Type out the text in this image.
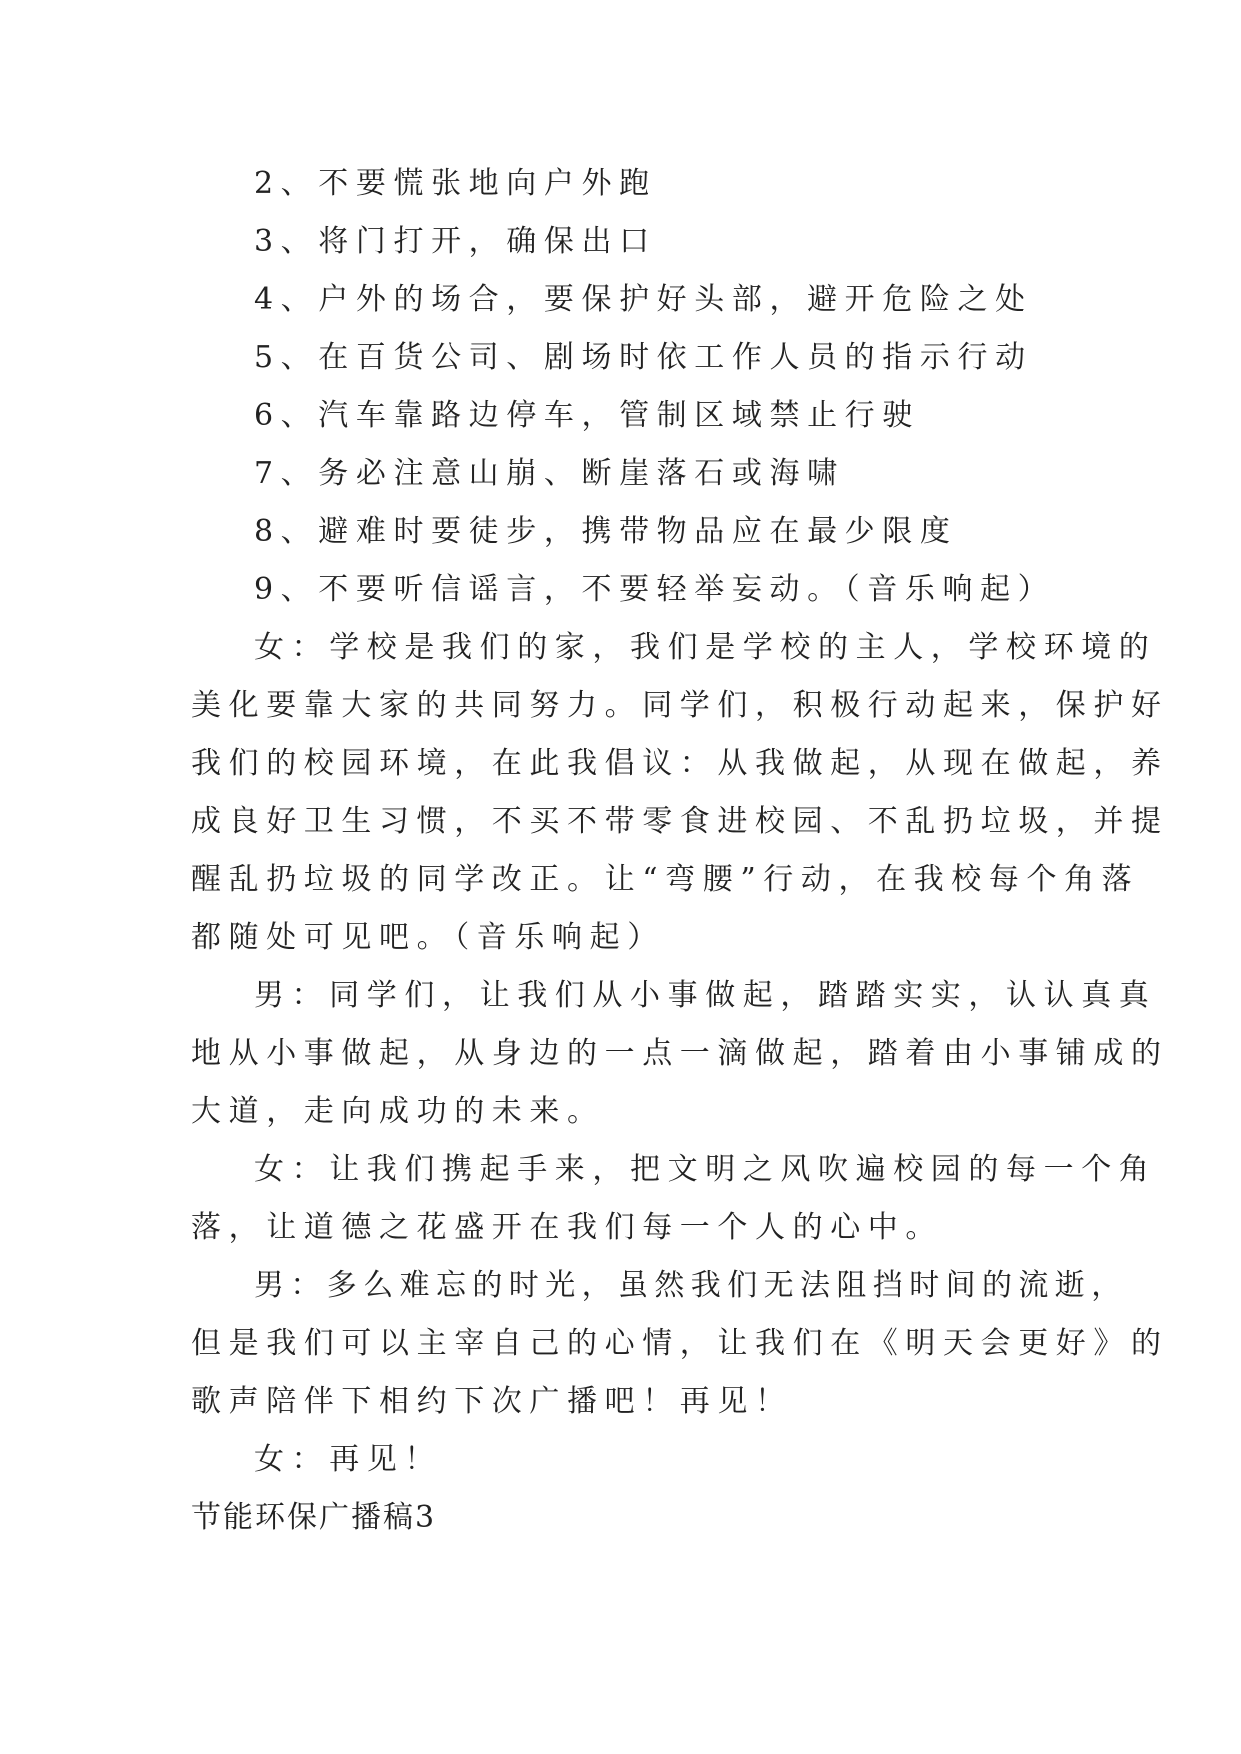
2、不要慌张地向户外跑

3、将门打开，确保出口

4、户外的场合，要保护好头部，避开危险之处

5、在百货公司、剧场时依工作人员的指示行动

6、汽车靠路边停车，管制区域禁止行驶

7、务必注意山崩、断崖落石或海啸

8、避难时要徒步，携带物品应在最少限度

9、不要听信谣言，不要轻举妄动。（音乐响起）

女：学校是我们的家，我们是学校的主人，学校环境的

美化要靠大家的共同努力。同学们，积极行动起来，保护好

我们的校园环境，在此我倡议：从我做起，从现在做起，养

成良好卫生习惯，不买不带零食进校园、不乱扔垃圾，并提

醒乱扔垃圾的同学改正。让“弯腰”行动，在我校每个角落

都随处可见吧。（音乐响起）

男：同学们，让我们从小事做起，踏踏实实，认认真真

地从小事做起，从身边的一点一滴做起，踏着由小事铺成的

大道，走向成功的未来。

女：让我们携起手来，把文明之风吹遍校园的每一个角

落，让道德之花盛开在我们每一个人的心中。

男：多么难忘的时光，虽然我们无法阻挡时间的流逝，

但是我们可以主宰自己的心情，让我们在《明天会更好》的

歌声陪伴下相约下次广播吧！再见！

女：再见！

节能环保广播稿3
